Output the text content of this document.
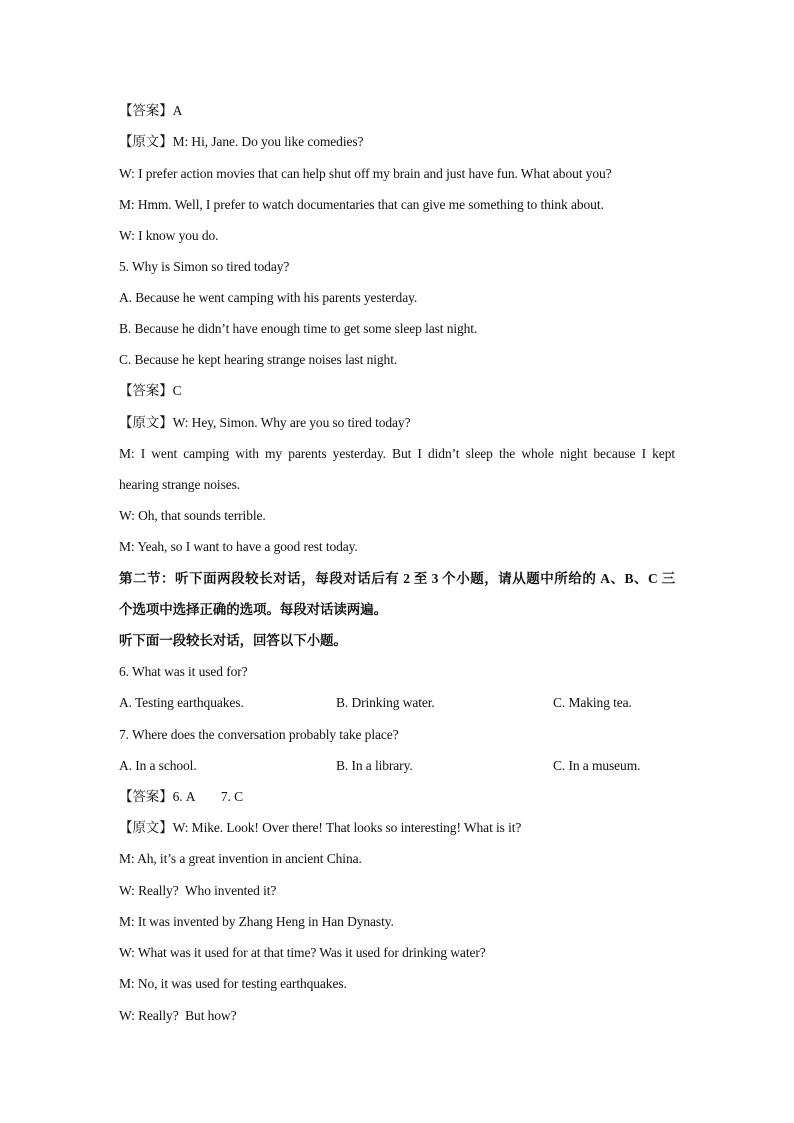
【答案】A
【原文】M: Hi, Jane. Do you like comedies?
W: I prefer action movies that can help shut off my brain and just have fun. What about you?
M: Hmm. Well, I prefer to watch documentaries that can give me something to think about.
W: I know you do.
5. Why is Simon so tired today?
A. Because he went camping with his parents yesterday.
B. Because he didn’t have enough time to get some sleep last night.
C. Because he kept hearing strange noises last night.
【答案】C
【原文】W: Hey, Simon. Why are you so tired today?
M: I went camping with my parents yesterday. But I didn’t sleep the whole night because I kept
hearing strange noises.
W: Oh, that sounds terrible.
M: Yeah, so I want to have a good rest today.
第二节：听下面两段较长对话，每段对话后有 2 至 3 个小题，请从题中所给的 A、B、C 三
个选项中选择正确的选项。每段对话读两遍。
听下面一段较长对话，回答以下小题。
6. What was it used for?
A. Testing earthquakes.	B. Drinking water.	C. Making tea.
7. Where does the conversation probably take place?
A. In a school.	B. In a library.	C. In a museum.
【答案】6. A        7. C
【原文】W: Mike. Look! Over there! That looks so interesting! What is it?
M: Ah, it’s a great invention in ancient China.
W: Really?  Who invented it?
M: It was invented by Zhang Heng in Han Dynasty.
W: What was it used for at that time? Was it used for drinking water?
M: No, it was used for testing earthquakes.
W: Really?  But how?
